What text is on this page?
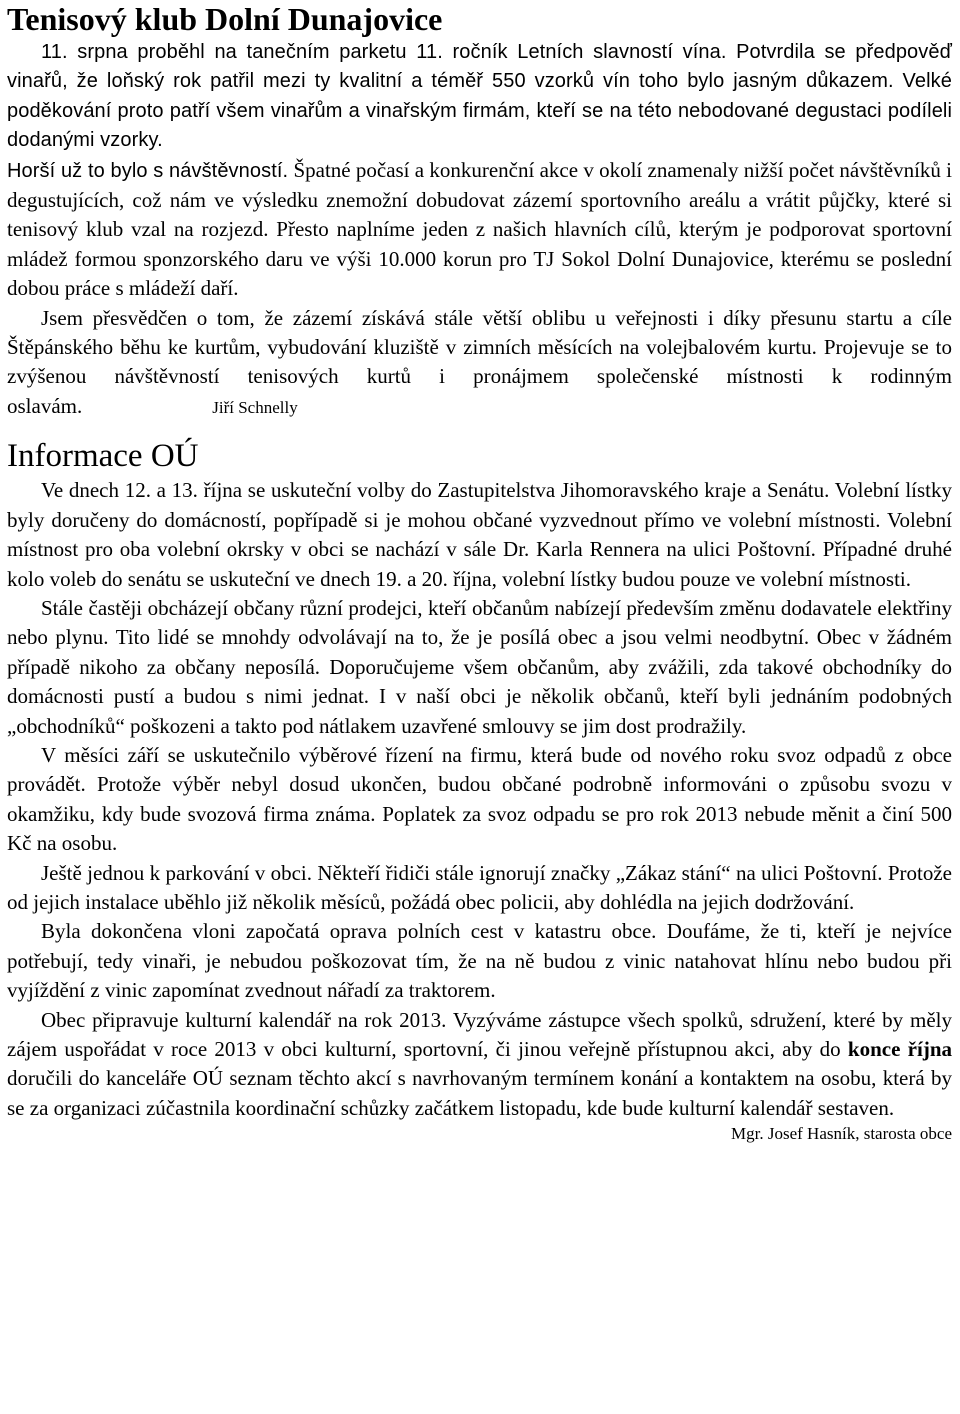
Tenisový klub Dolní Dunajovice

11. srpna proběhl na tanečním parketu 11. ročník Letních slavností vína. Potvrdila se předpověď vinařů, že loňský rok patřil mezi ty kvalitní a téměř 550 vzorků vín toho bylo jasným důkazem. Velké poděkování proto patří všem vinařům a vinařským firmám, kteří se na této nebodované degustaci podíleli dodanými vzorky.

Horší už to bylo s návštěvností. Špatné počasí a konkurenční akce v okolí znamenaly nižší počet návštěvníků i degustujících, což nám ve výsledku znemožní dobudovat zázemí sportovního areálu a vrátit půjčky, které si tenisový klub vzal na rozjezd. Přesto naplníme jeden z našich hlavních cílů, kterým je podporovat sportovní mládež formou sponzorského daru ve výši 10.000 korun pro TJ Sokol Dolní Dunajovice, kterému se poslední dobou práce s mládeží daří.

Jsem přesvědčen o tom, že zázemí získává stále větší oblibu u veřejnosti i díky přesunu startu a cíle Štěpánského běhu ke kurtům, vybudování kluziště v zimních měsících na volejbalovém kurtu. Projevuje se to zvýšenou návštěvností tenisových kurtů i pronájmem společenské místnosti k rodinným oslavám.	Jiří Schnelly

Informace OÚ

Ve dnech 12. a 13. října se uskuteční volby do Zastupitelstva Jihomoravského kraje a Senátu. Volební lístky byly doručeny do domácností, popřípadě si je mohou občané vyzvednout přímo ve volební místnosti. Volební místnost pro oba volební okrsky v obci se nachází v sále Dr. Karla Rennera na ulici Poštovní. Případné druhé kolo voleb do senátu se uskuteční ve dnech 19. a 20. října, volební lístky budou pouze ve volební místnosti.

Stále častěji obcházejí občany různí prodejci, kteří občanům nabízejí především změnu dodavatele elektřiny nebo plynu. Tito lidé se mnohdy odvolávají na to, že je posílá obec a jsou velmi neodbytní. Obec v žádném případě nikoho za občany neposílá. Doporučujeme všem občanům, aby zvážili, zda takové obchodníky do domácnosti pustí a budou s nimi jednat. I v naší obci je několik občanů, kteří byli jednáním podobných „obchodníků“ poškozeni a takto pod nátlakem uzavřené smlouvy se jim dost prodražily.

V měsíci září se uskutečnilo výběrové řízení na firmu, která bude od nového roku svoz odpadů z obce provádět. Protože výběr nebyl dosud ukončen, budou občané podrobně informováni o způsobu svozu v okamžiku, kdy bude svozová firma známa. Poplatek za svoz odpadu se pro rok 2013 nebude měnit a činí 500 Kč na osobu.

Ještě jednou k parkování v obci. Někteří řidiči stále ignorují značky „Zákaz stání“ na ulici Poštovní. Protože od jejich instalace uběhlo již několik měsíců, požádá obec policii, aby dohlédla na jejich dodržování.

Byla dokončena vloni započatá oprava polních cest v katastru obce. Doufáme, že ti, kteří je nejvíce potřebují, tedy vinaři, je nebudou poškozovat tím, že na ně budou z vinic natahovat hlínu nebo budou při vyjíždění z vinic zapomínat zvednout nářadí za traktorem.

Obec připravuje kulturní kalendář na rok 2013. Vyzýváme zástupce všech spolků, sdružení, které by měly zájem uspořádat v roce 2013 v obci kulturní, sportovní, či jinou veřejně přístupnou akci, aby do konce října doručili do kanceláře OÚ seznam těchto akcí s navrhovaným termínem konání a kontaktem na osobu, která by se za organizaci zúčastnila koordinační schůzky začátkem listopadu, kde bude kulturní kalendář sestaven.

Mgr. Josef Hasník, starosta obce
